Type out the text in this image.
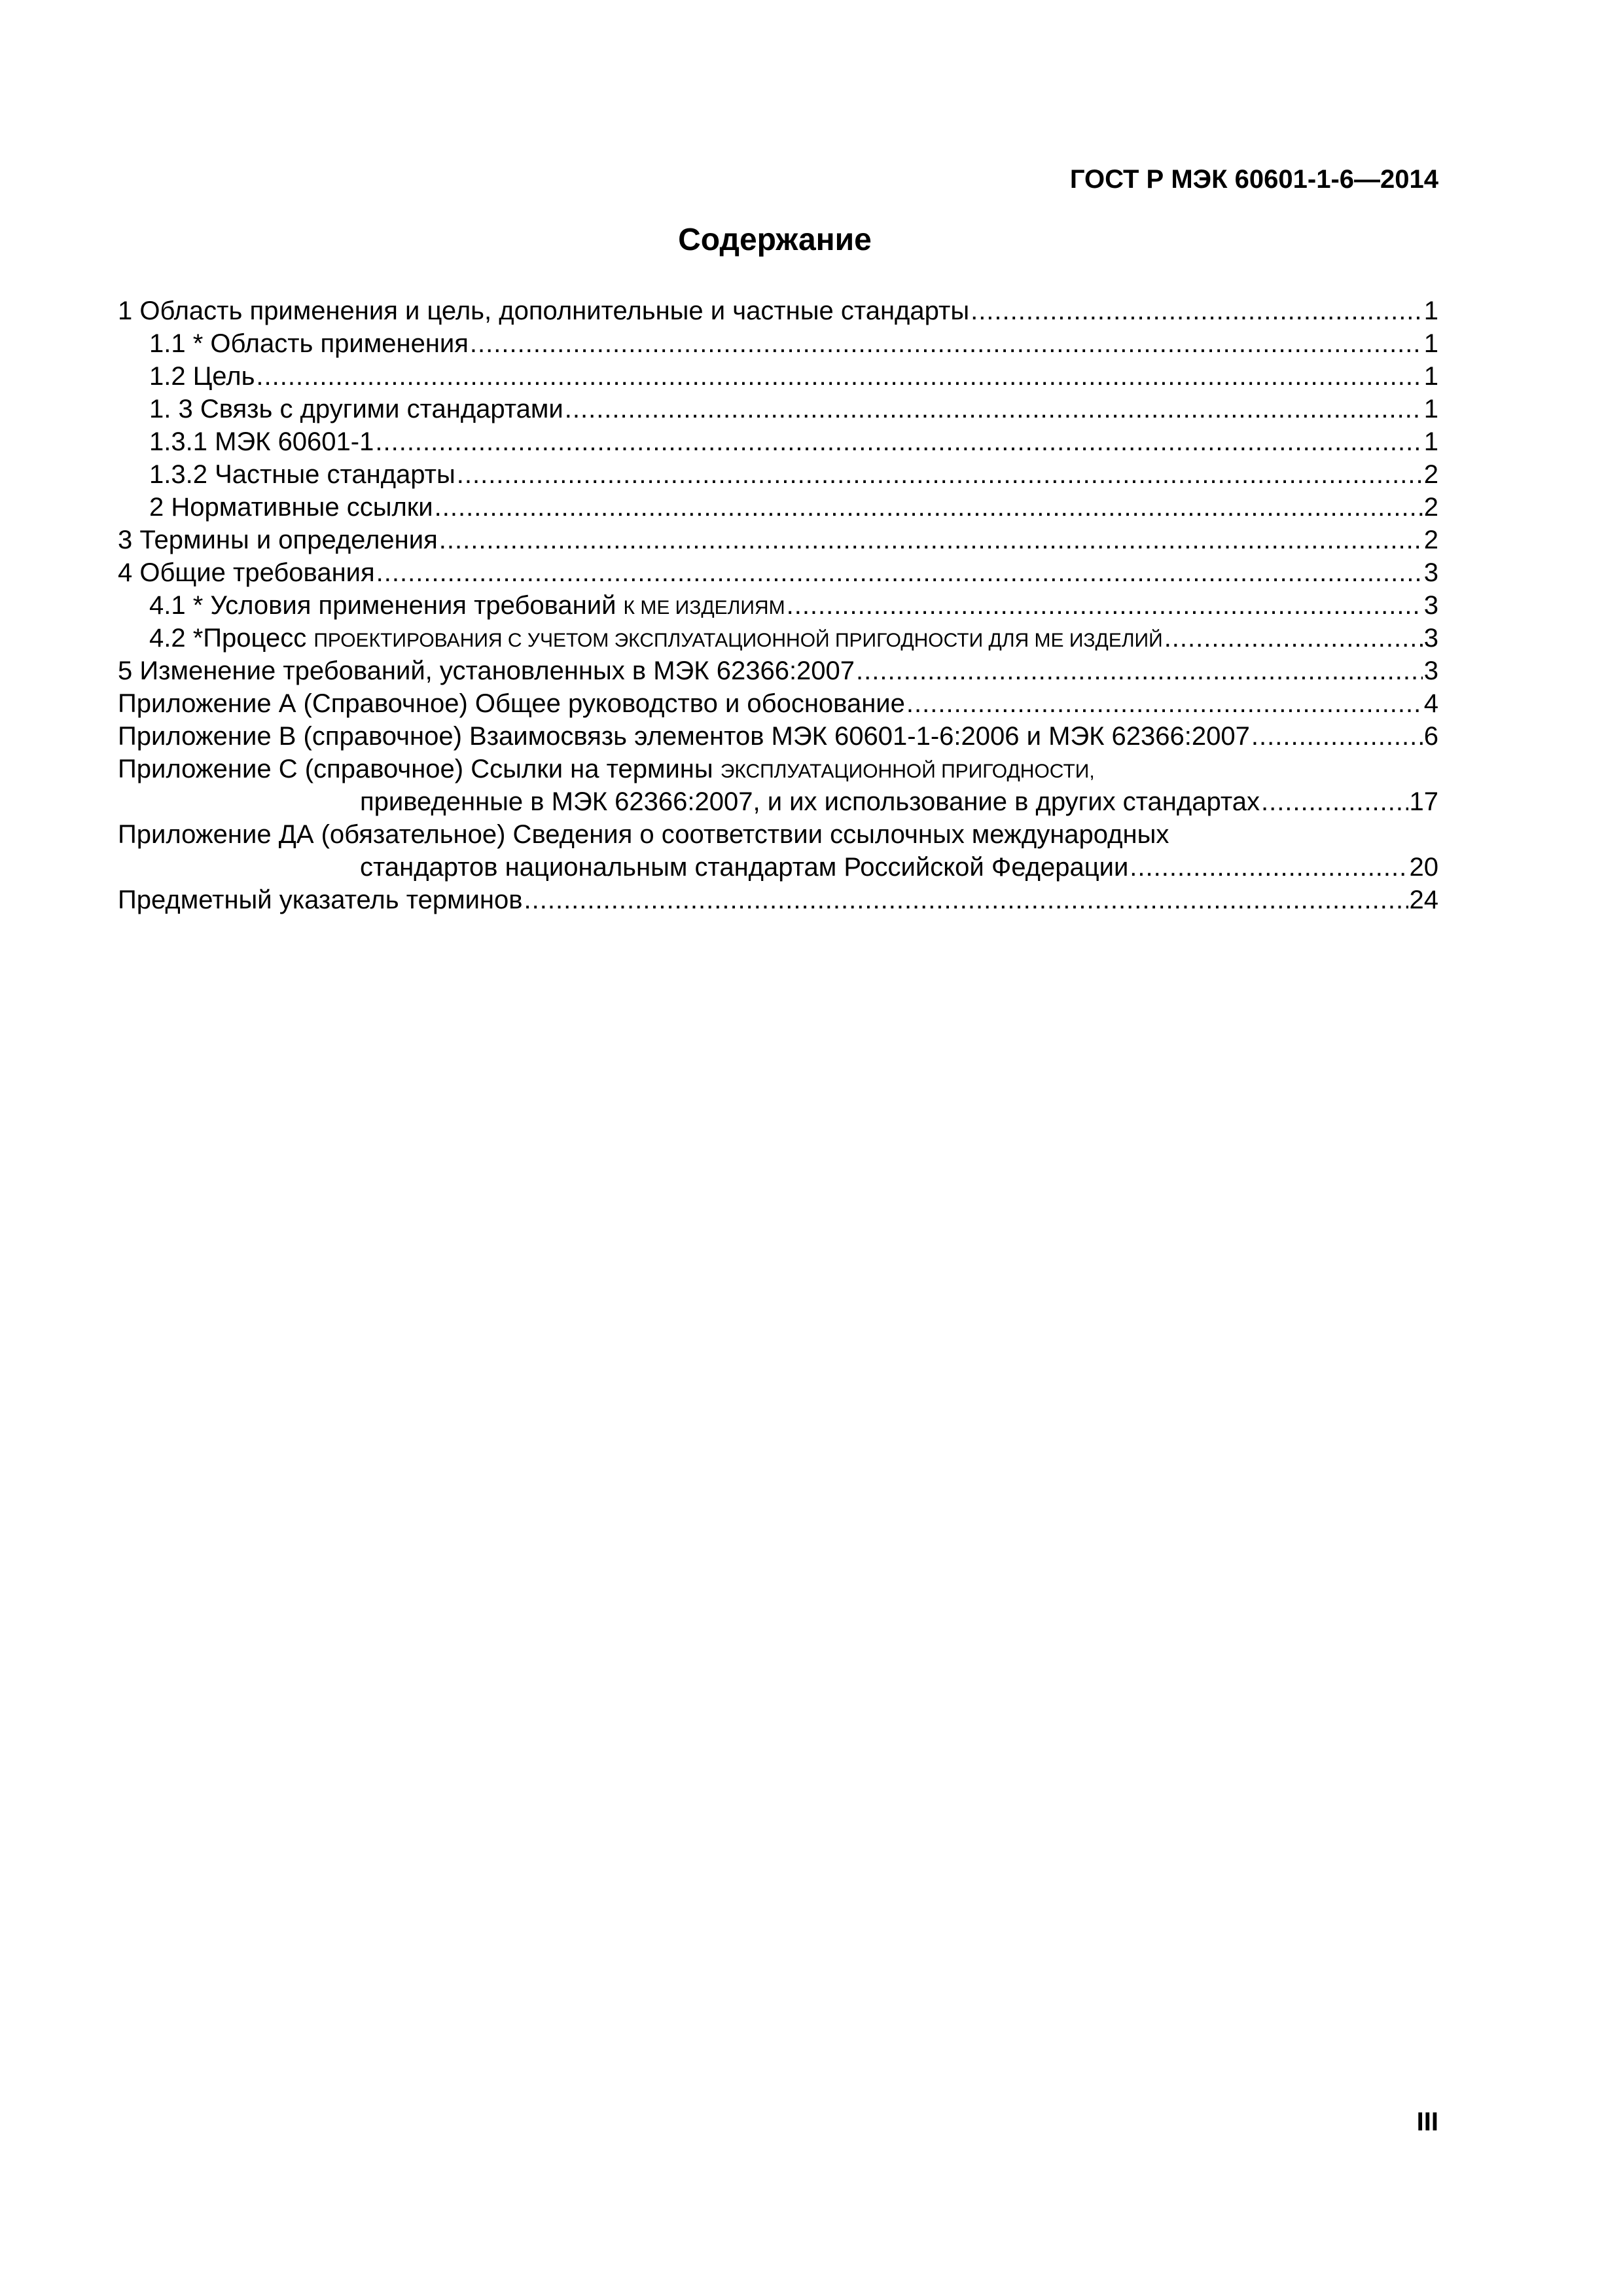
ГОСТ Р МЭК 60601-1-6—2014
Содержание
1 Область применения и цель, дополнительные и частные стандарты .....	1
1.1 * Область применения .....	1
1.2 Цель .....	1
1. 3 Связь с другими стандартами .....	1
1.3.1 МЭК 60601-1 .....	1
1.3.2 Частные стандарты .....	2
2 Нормативные ссылки .....	2
3 Термины и определения .....	2
4 Общие требования .....	3
4.1 * Условия применения требований К МЕ ИЗДЕЛИЯМ .....	3
4.2 *Процесс ПРОЕКТИРОВАНИЯ С УЧЕТОМ ЭКСПЛУАТАЦИОННОЙ ПРИГОДНОСТИ ДЛЯ МЕ ИЗДЕЛИЙ .....	3
5 Изменение требований, установленных в МЭК 62366:2007 .....	3
Приложение А (Справочное) Общее руководство и обоснование .....	4
Приложение В (справочное) Взаимосвязь элементов МЭК 60601-1-6:2006 и МЭК 62366:2007 .....	6
Приложение С (справочное) Ссылки на термины ЭКСПЛУАТАЦИОННОЙ ПРИГОДНОСТИ,
приведенные в МЭК 62366:2007, и их использование в других стандартах .....	17
Приложение ДА (обязательное) Сведения о соответствии ссылочных международных
стандартов национальным стандартам Российской Федерации .....	20
Предметный указатель терминов .....	24
III
